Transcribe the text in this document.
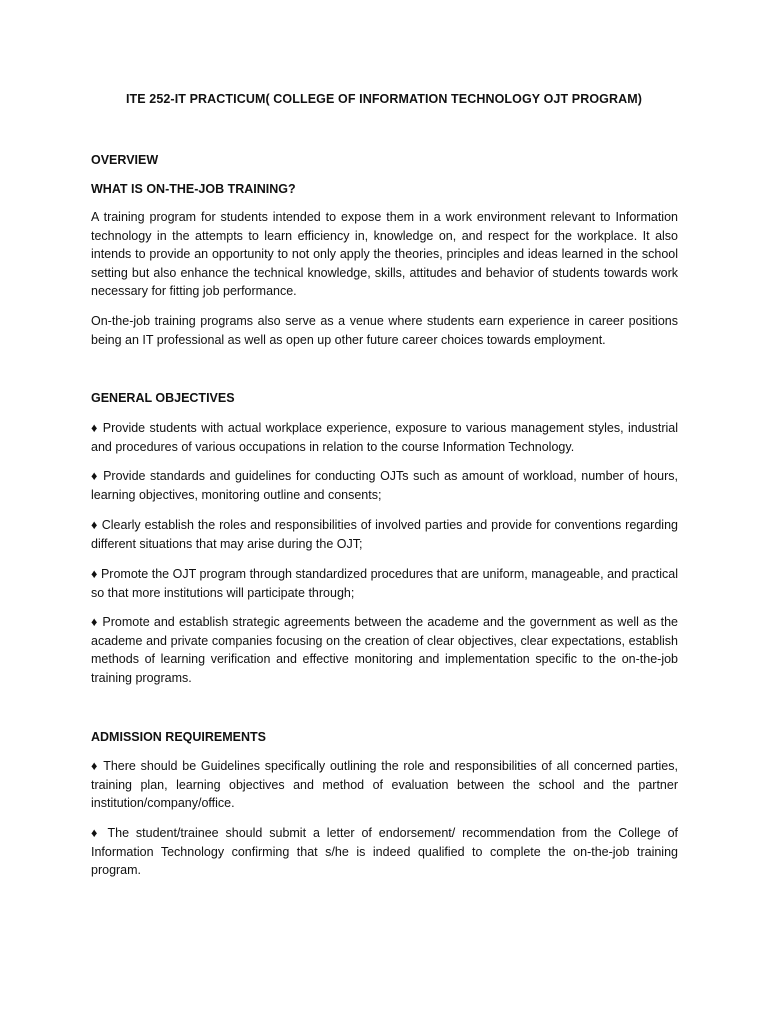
ITE 252-IT PRACTICUM( COLLEGE OF INFORMATION TECHNOLOGY OJT PROGRAM)
OVERVIEW
WHAT IS ON-THE-JOB TRAINING?
A training program for students intended to expose them in a work environment relevant to Information technology in the attempts to learn efficiency in, knowledge on, and respect for the workplace. It also intends to provide an opportunity to not only apply the theories, principles and ideas learned in the school setting but also enhance the technical knowledge, skills, attitudes and behavior of students towards work necessary for fitting job performance.
On-the-job training programs also serve as a venue where students earn experience in career positions being an IT professional as well as open up other future career choices towards employment.
GENERAL OBJECTIVES
♦ Provide students with actual workplace experience, exposure to various management styles, industrial and procedures of various occupations in relation to the course Information Technology.
♦ Provide standards and guidelines for conducting OJTs such as amount of workload, number of hours, learning objectives, monitoring outline and consents;
♦ Clearly establish the roles and responsibilities of involved parties and provide for conventions regarding different situations that may arise during the OJT;
♦ Promote the OJT program through standardized procedures that are uniform, manageable, and practical so that more institutions will participate through;
♦ Promote and establish strategic agreements between the academe and the government as well as the academe and private companies focusing on the creation of clear objectives, clear expectations, establish methods of learning verification and effective monitoring and implementation specific to the on-the-job training programs.
ADMISSION REQUIREMENTS
♦ There should be Guidelines specifically outlining the role and responsibilities of all concerned parties, training plan, learning objectives and method of evaluation between the school and the partner institution/company/office.
♦ The student/trainee should submit a letter of endorsement/ recommendation from the College of Information Technology confirming that s/he is indeed qualified to complete the on-the-job training program.
